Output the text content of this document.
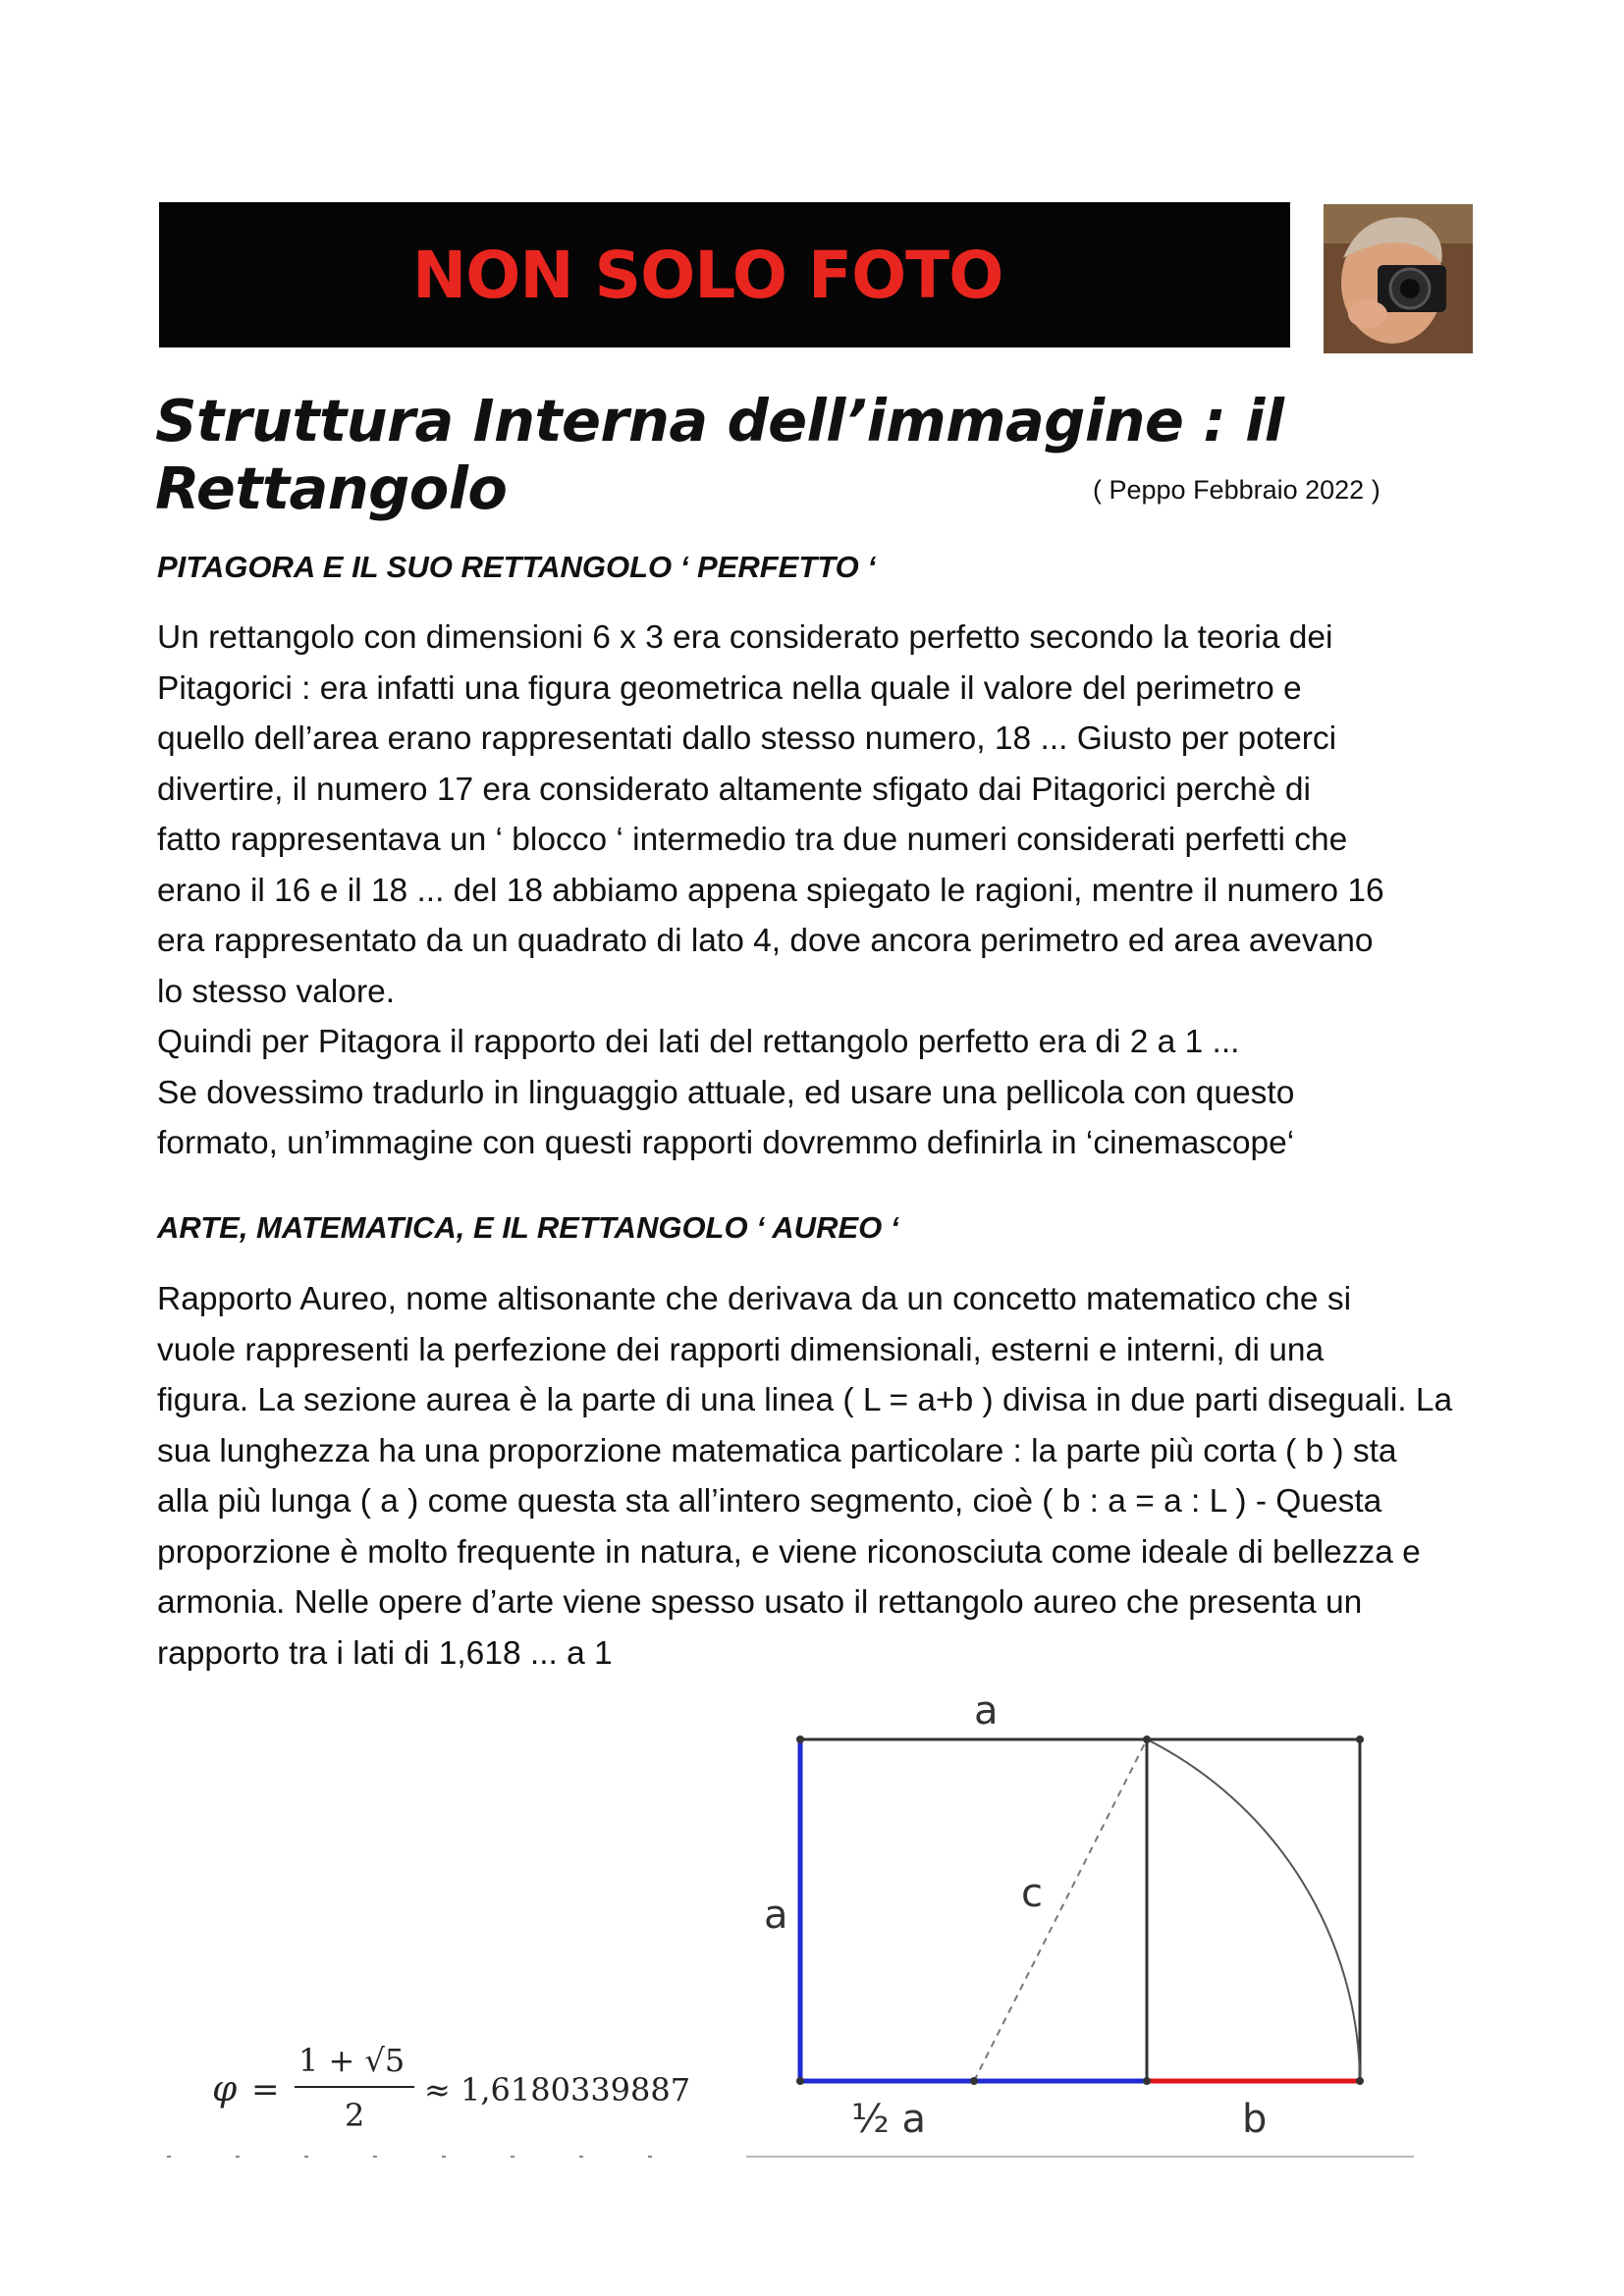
NON SOLO FOTO
Struttura Interna dell’immagine : il Rettangolo	( Peppo Febbraio 2022 )
PITAGORA E IL SUO RETTANGOLO ‘ PERFETTO ‘

Un rettangolo con dimensioni 6 x 3 era considerato perfetto secondo la teoria dei

Pitagorici : era infatti una figura geometrica nella quale il valore del perimetro e

quello dell’area erano rappresentati dallo stesso numero, 18 ... Giusto per poterci

divertire, il numero 17 era considerato altamente sfigato dai Pitagorici perchè di

fatto rappresentava un ‘ blocco ‘ intermedio tra due numeri considerati perfetti che

erano il 16 e il 18 ... del 18 abbiamo appena spiegato le ragioni, mentre il numero 16

era rappresentato da un quadrato di lato 4, dove ancora perimetro ed area avevano

lo stesso valore.

Quindi per Pitagora il rapporto dei lati del rettangolo perfetto era di 2 a 1 ...

Se dovessimo tradurlo in linguaggio attuale, ed usare una pellicola con questo

formato, un’immagine con questi rapporti dovremmo definirla in ‘cinemascope‘

ARTE, MATEMATICA, E IL RETTANGOLO ‘ AUREO ‘

Rapporto Aureo, nome altisonante che derivava da un concetto matematico che si

vuole rappresenti la perfezione dei rapporti dimensionali, esterni e interni, di una

figura. La sezione aurea è la parte di una linea ( L = a+b ) divisa in due parti diseguali. La

sua lunghezza ha una proporzione matematica particolare : la parte più corta ( b ) sta

alla più lunga ( a ) come questa sta all’intero segmento, cioè ( b : a = a : L ) - Questa

proporzione è molto frequente in natura, e viene riconosciuta come ideale di bellezza e

armonia. Nelle opere d’arte viene spesso usato il rettangolo aureo che presenta un

rapporto tra i lati di 1,618 ... a 1

φ =
1 + √5
2
≈ 1,6180339887
a
a	c
½ a	b
